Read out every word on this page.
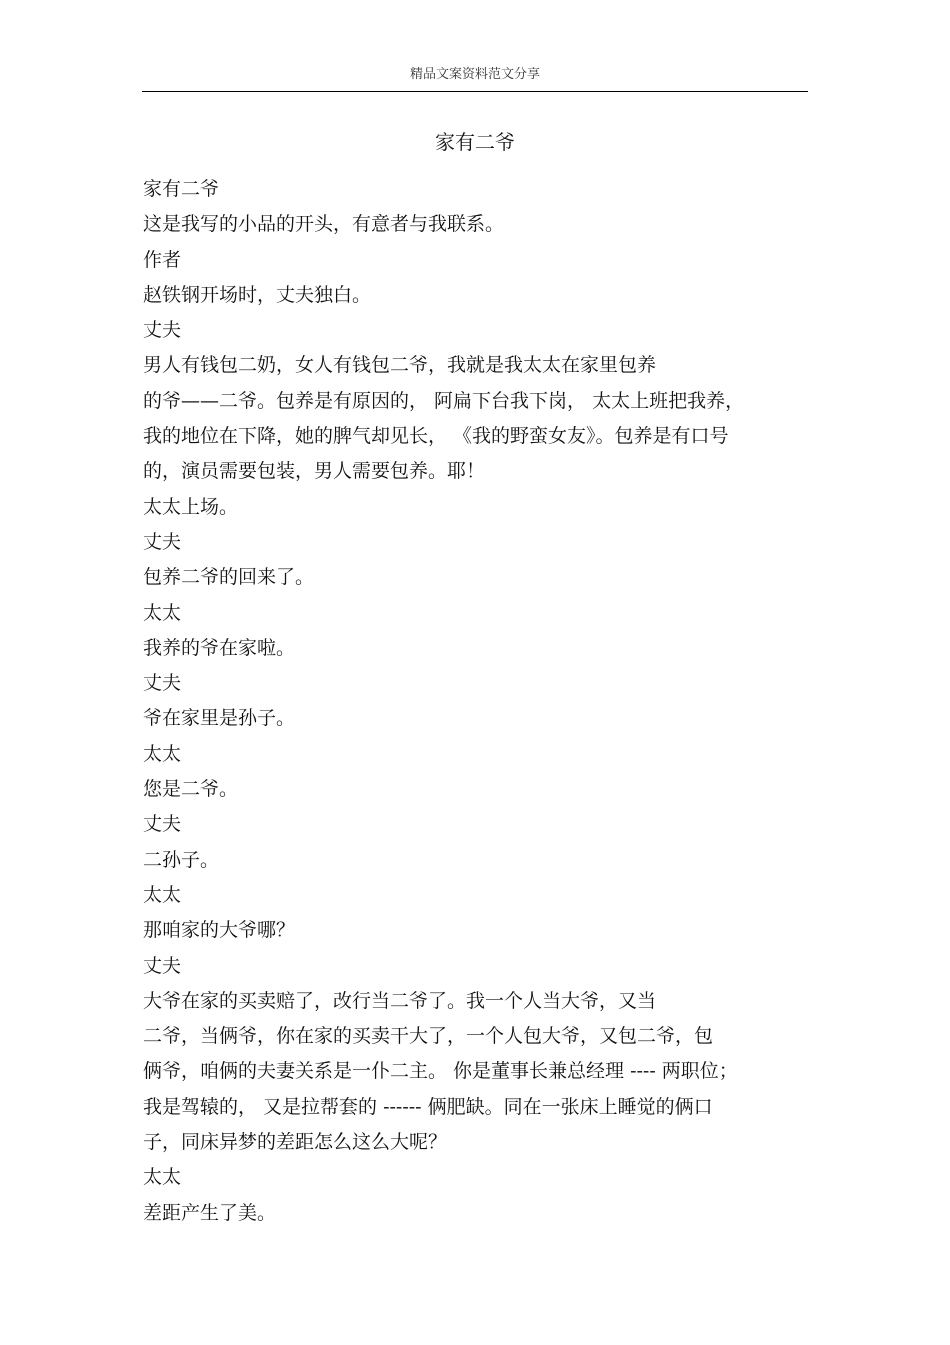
精品文案资料范文分享
家有二爷
家有二爷
这是我写的小品的开头，有意者与我联系。
作者
赵铁钢开场时，丈夫独白。
丈夫
男人有钱包二奶，女人有钱包二爷，我就是我太太在家里包养
的爷——二爷。包养是有原因的， 阿扁下台我下岗， 太太上班把我养，
我的地位在下降，她的脾气却见长， 《我的野蛮女友》。包养是有口号
的，演员需要包装，男人需要包养。耶！
太太上场。
丈夫
包养二爷的回来了。
太太
我养的爷在家啦。
丈夫
爷在家里是孙子。
太太
您是二爷。
丈夫
二孙子。
太太
那咱家的大爷哪？
丈夫
大爷在家的买卖赔了，改行当二爷了。我一个人当大爷，又当
二爷，当俩爷，你在家的买卖干大了，一个人包大爷，又包二爷，包
俩爷，咱俩的夫妻关系是一仆二主。 你是董事长兼总经理 ---- 两职位；
我是驾辕的， 又是拉帮套的 ------ 俩肥缺。同在一张床上睡觉的俩口
子，同床异梦的差距怎么这么大呢？
太太
差距产生了美。
